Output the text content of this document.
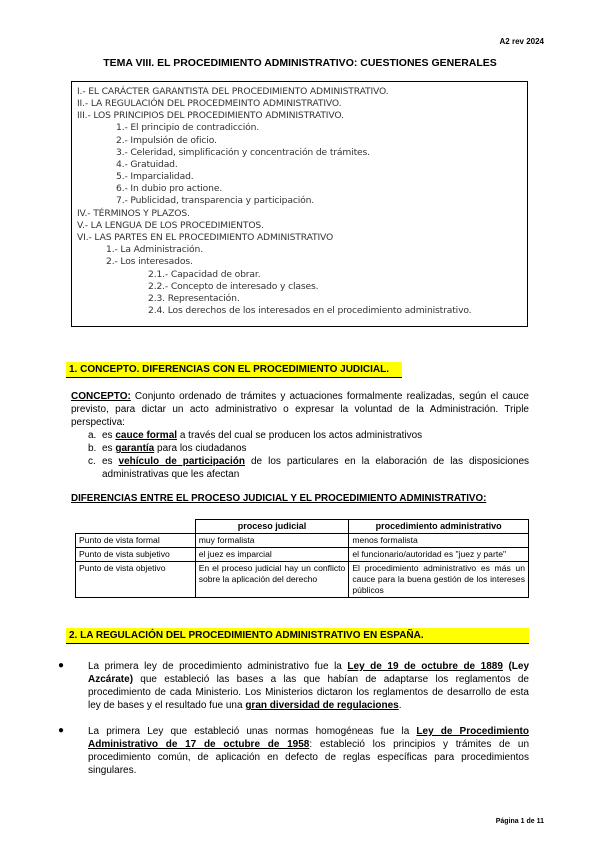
A2 rev 2024
TEMA VIII. EL PROCEDIMIENTO ADMINISTRATIVO: CUESTIONES GENERALES
I.- EL CARÁCTER GARANTISTA DEL PROCEDIMIENTO ADMINISTRATIVO.
II.- LA REGULACIÓN DEL PROCEDMEINTO ADMINISTRATIVO.
III.- LOS PRINCIPIOS DEL PROCEDIMIENTO ADMINISTRATIVO.
1.- El principio de contradicción.
2.- Impulsión de oficio.
3.- Celeridad, simplificación y concentración de trámites.
4.- Gratuidad.
5.- Imparcialidad.
6.- In dubio pro actione.
7.- Publicidad, transparencia y participación.
IV.- TÉRMINOS Y PLAZOS.
V.- LA LENGUA DE LOS PROCEDIMIENTOS.
VI.- LAS PARTES EN EL PROCEDIMIENTO ADMINISTRATIVO
1.- La Administración.
2.- Los interesados.
2.1.- Capacidad de obrar.
2.2.- Concepto de interesado y clases.
2.3. Representación.
2.4. Los derechos de los interesados en el procedimiento administrativo.
1. CONCEPTO. DIFERENCIAS CON EL PROCEDIMIENTO JUDICIAL.
CONCEPTO: Conjunto ordenado de trámites y actuaciones formalmente realizadas, según el cauce previsto, para dictar un acto administrativo o expresar la voluntad de la Administración. Triple perspectiva:
a. es cauce formal a través del cual se producen los actos administrativos
b. es garantía para los ciudadanos
c. es vehículo de participación de los particulares en la elaboración de las disposiciones administrativas que les afectan
DIFERENCIAS ENTRE EL PROCESO JUDICIAL Y EL PROCEDIMIENTO ADMINISTRATIVO:
	proceso judicial	procedimiento administrativo
Punto de vista formal	muy formalista	menos formalista
Punto de vista subjetivo	el juez es imparcial	el funcionario/autoridad es "juez y parte"
Punto de vista objetivo	En el proceso judicial hay un conflicto sobre la aplicación del derecho	El procedimiento administrativo es más un cauce para la buena gestión de los intereses públicos
2. LA REGULACIÓN DEL PROCEDIMIENTO ADMINISTRATIVO EN ESPAÑA.
● La primera ley de procedimiento administrativo fue la Ley de 19 de octubre de 1889 (Ley Azcárate) que estableció las bases a las que habían de adaptarse los reglamentos de procedimiento de cada Ministerio. Los Ministerios dictaron los reglamentos de desarrollo de esta ley de bases y el resultado fue una gran diversidad de regulaciones.
● La primera Ley que estableció unas normas homogéneas fue la Ley de Procedimiento Administrativo de 17 de octubre de 1958: estableció los principios y trámites de un procedimiento común, de aplicación en defecto de reglas específicas para procedimientos singulares.
Página 1 de 11
